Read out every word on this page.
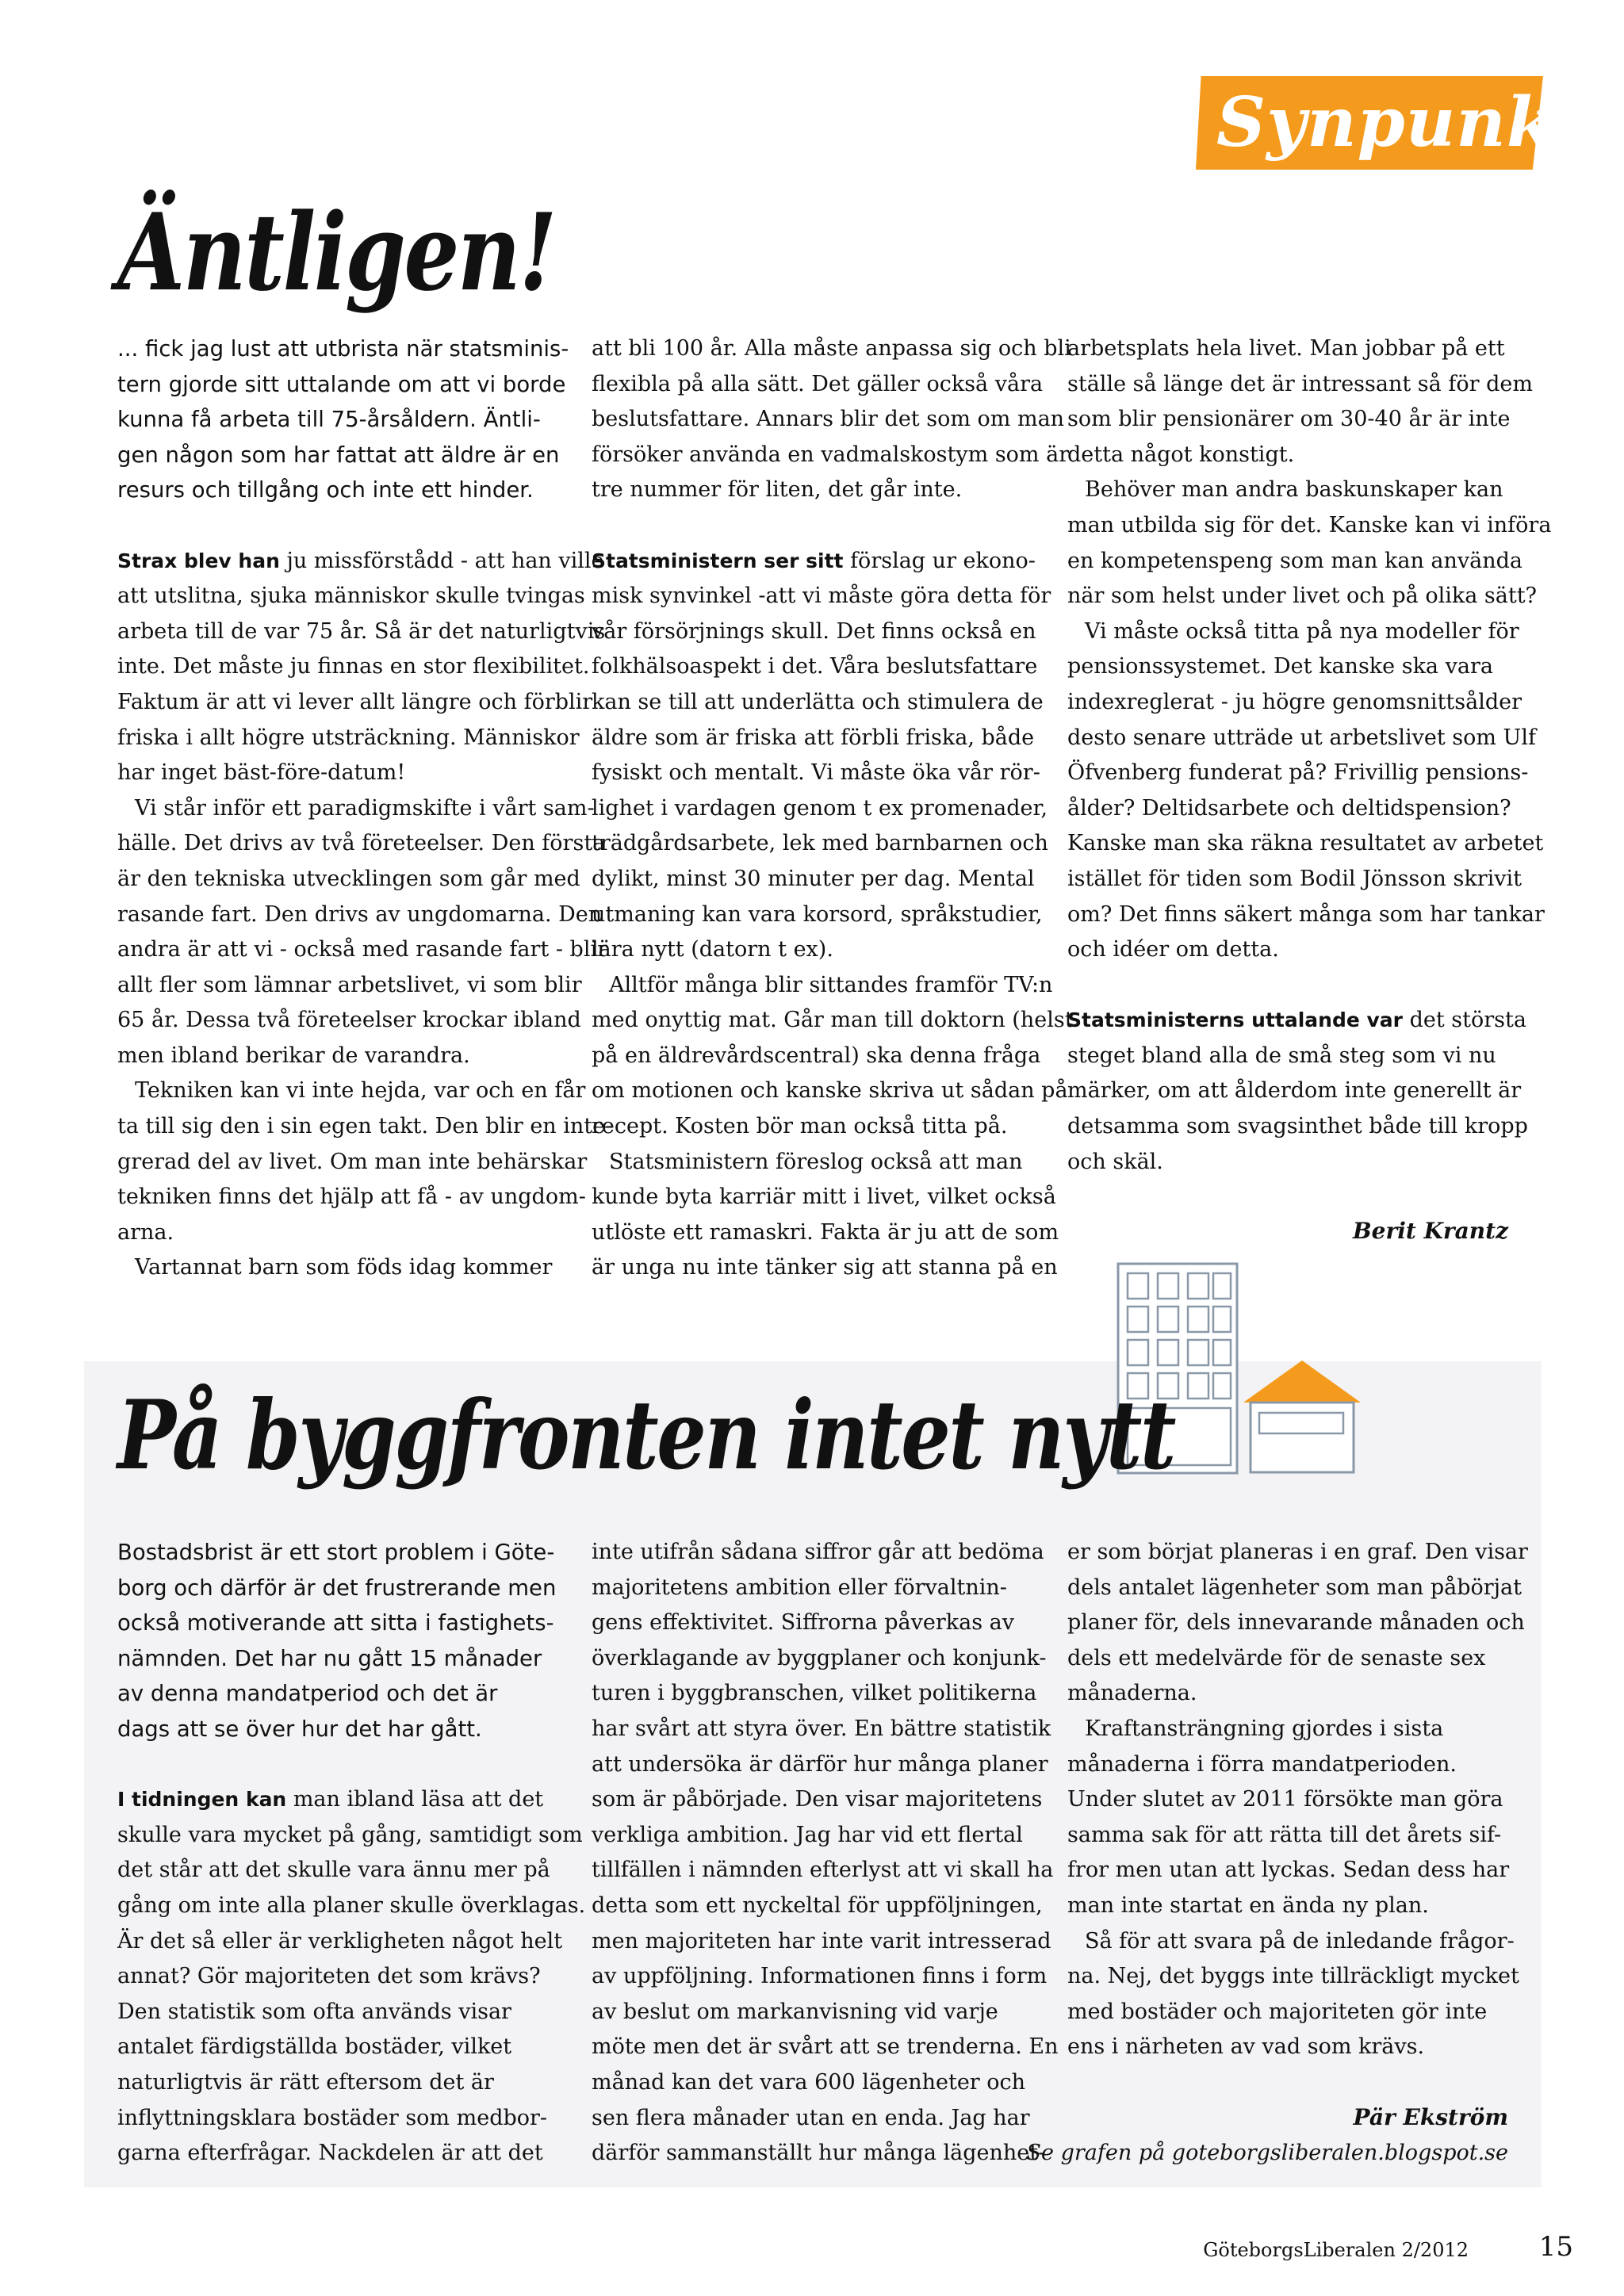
Synpunkt
Äntligen!

... fick jag lust att utbrista när statsminis-

tern gjorde sitt uttalande om att vi borde

kunna få arbeta till 75-årsåldern. Äntli-

gen någon som har fattat att äldre är en

resurs och tillgång och inte ett hinder.

Strax blev han ju missförstådd - att han ville

att utslitna, sjuka människor skulle tvingas

arbeta till de var 75 år. Så är det naturligtvis

inte. Det måste ju finnas en stor flexibilitet.

Faktum är att vi lever allt längre och förblir

friska i allt högre utsträckning. Människor

har inget bäst-före-datum!

Vi står inför ett paradigmskifte i vårt sam-

hälle. Det drivs av två företeelser. Den första

är den tekniska utvecklingen som går med

rasande fart. Den drivs av ungdomarna. Den

andra är att vi - också med rasande fart - blir

allt fler som lämnar arbetslivet, vi som blir

65 år. Dessa två företeelser krockar ibland

men ibland berikar de varandra.

Tekniken kan vi inte hejda, var och en får

ta till sig den i sin egen takt. Den blir en inte-

grerad del av livet. Om man inte behärskar

tekniken finns det hjälp att få - av ungdom-

arna.

Vartannat barn som föds idag kommer

att bli 100 år. Alla måste anpassa sig och bli

flexibla på alla sätt. Det gäller också våra

beslutsfattare. Annars blir det som om man

försöker använda en vadmalskostym som är

tre nummer för liten, det går inte.

Statsministern ser sitt förslag ur ekono-

misk synvinkel -att vi måste göra detta för

vår försörjnings skull. Det finns också en

folkhälsoaspekt i det. Våra beslutsfattare

kan se till att underlätta och stimulera de

äldre som är friska att förbli friska, både

fysiskt och mentalt. Vi måste öka vår rör-

lighet i vardagen genom t ex promenader,

trädgårdsarbete, lek med barnbarnen och

dylikt, minst 30 minuter per dag. Mental

utmaning kan vara korsord, språkstudier,

lära nytt (datorn t ex).

Alltför många blir sittandes framför TV:n

med onyttig mat. Går man till doktorn (helst

på en äldrevårdscentral) ska denna fråga

om motionen och kanske skriva ut sådan på

recept. Kosten bör man också titta på.

Statsministern föreslog också att man

kunde byta karriär mitt i livet, vilket också

utlöste ett ramaskri. Fakta är ju att de som

är unga nu inte tänker sig att stanna på en

arbetsplats hela livet. Man jobbar på ett

ställe så länge det är intressant så för dem

som blir pensionärer om 30-40 år är inte

detta något konstigt.

Behöver man andra baskunskaper kan

man utbilda sig för det. Kanske kan vi införa

en kompetenspeng som man kan använda

när som helst under livet och på olika sätt?

Vi måste också titta på nya modeller för

pensionssystemet. Det kanske ska vara

indexreglerat - ju högre genomsnittsålder

desto senare utträde ut arbetslivet som Ulf

Öfvenberg funderat på? Frivillig pensions-

ålder? Deltidsarbete och deltidspension?

Kanske man ska räkna resultatet av arbetet

istället för tiden som Bodil Jönsson skrivit

om? Det finns säkert många som har tankar

och idéer om detta.

Statsministerns uttalande var det största

steget bland alla de små steg som vi nu

märker, om att ålderdom inte generellt är

detsamma som svagsinthet både till kropp

och skäl.

Berit Krantz
På byggfronten intet nytt

Bostadsbrist är ett stort problem i Göte-

borg och därför är det frustrerande men

också motiverande att sitta i fastighets-

nämnden. Det har nu gått 15 månader

av denna mandatperiod och det är

dags att se över hur det har gått.

I tidningen kan man ibland läsa att det

skulle vara mycket på gång, samtidigt som

det står att det skulle vara ännu mer på

gång om inte alla planer skulle överklagas.

Är det så eller är verkligheten något helt

annat? Gör majoriteten det som krävs?

Den statistik som ofta används visar

antalet färdigställda bostäder, vilket

naturligtvis är rätt eftersom det är

inflyttningsklara bostäder som medbor-

garna efterfrågar. Nackdelen är att det

inte utifrån sådana siffror går att bedöma

majoritetens ambition eller förvaltnin-

gens effektivitet. Siffrorna påverkas av

överklagande av byggplaner och konjunk-

turen i byggbranschen, vilket politikerna

har svårt att styra över. En bättre statistik

att undersöka är därför hur många planer

som är påbörjade. Den visar majoritetens

verkliga ambition. Jag har vid ett flertal

tillfällen i nämnden efterlyst att vi skall ha

detta som ett nyckeltal för uppföljningen,

men majoriteten har inte varit intresserad

av uppföljning. Informationen finns i form

av beslut om markanvisning vid varje

möte men det är svårt att se trenderna. En

månad kan det vara 600 lägenheter och

sen flera månader utan en enda. Jag har

därför sammanställt hur många lägenhet-

er som börjat planeras i en graf. Den visar

dels antalet lägenheter som man påbörjat

planer för, dels innevarande månaden och

dels ett medelvärde för de senaste sex

månaderna.

Kraftansträngning gjordes i sista

månaderna i förra mandatperioden.

Under slutet av 2011 försökte man göra

samma sak för att rätta till det årets sif-

fror men utan att lyckas. Sedan dess har

man inte startat en ända ny plan.

Så för att svara på de inledande frågor-

na. Nej, det byggs inte tillräckligt mycket

med bostäder och majoriteten gör inte

ens i närheten av vad som krävs.

Pär Ekström
Se grafen på goteborgsliberalen.blogspot.se
GöteborgsLiberalen 2/2012	15
